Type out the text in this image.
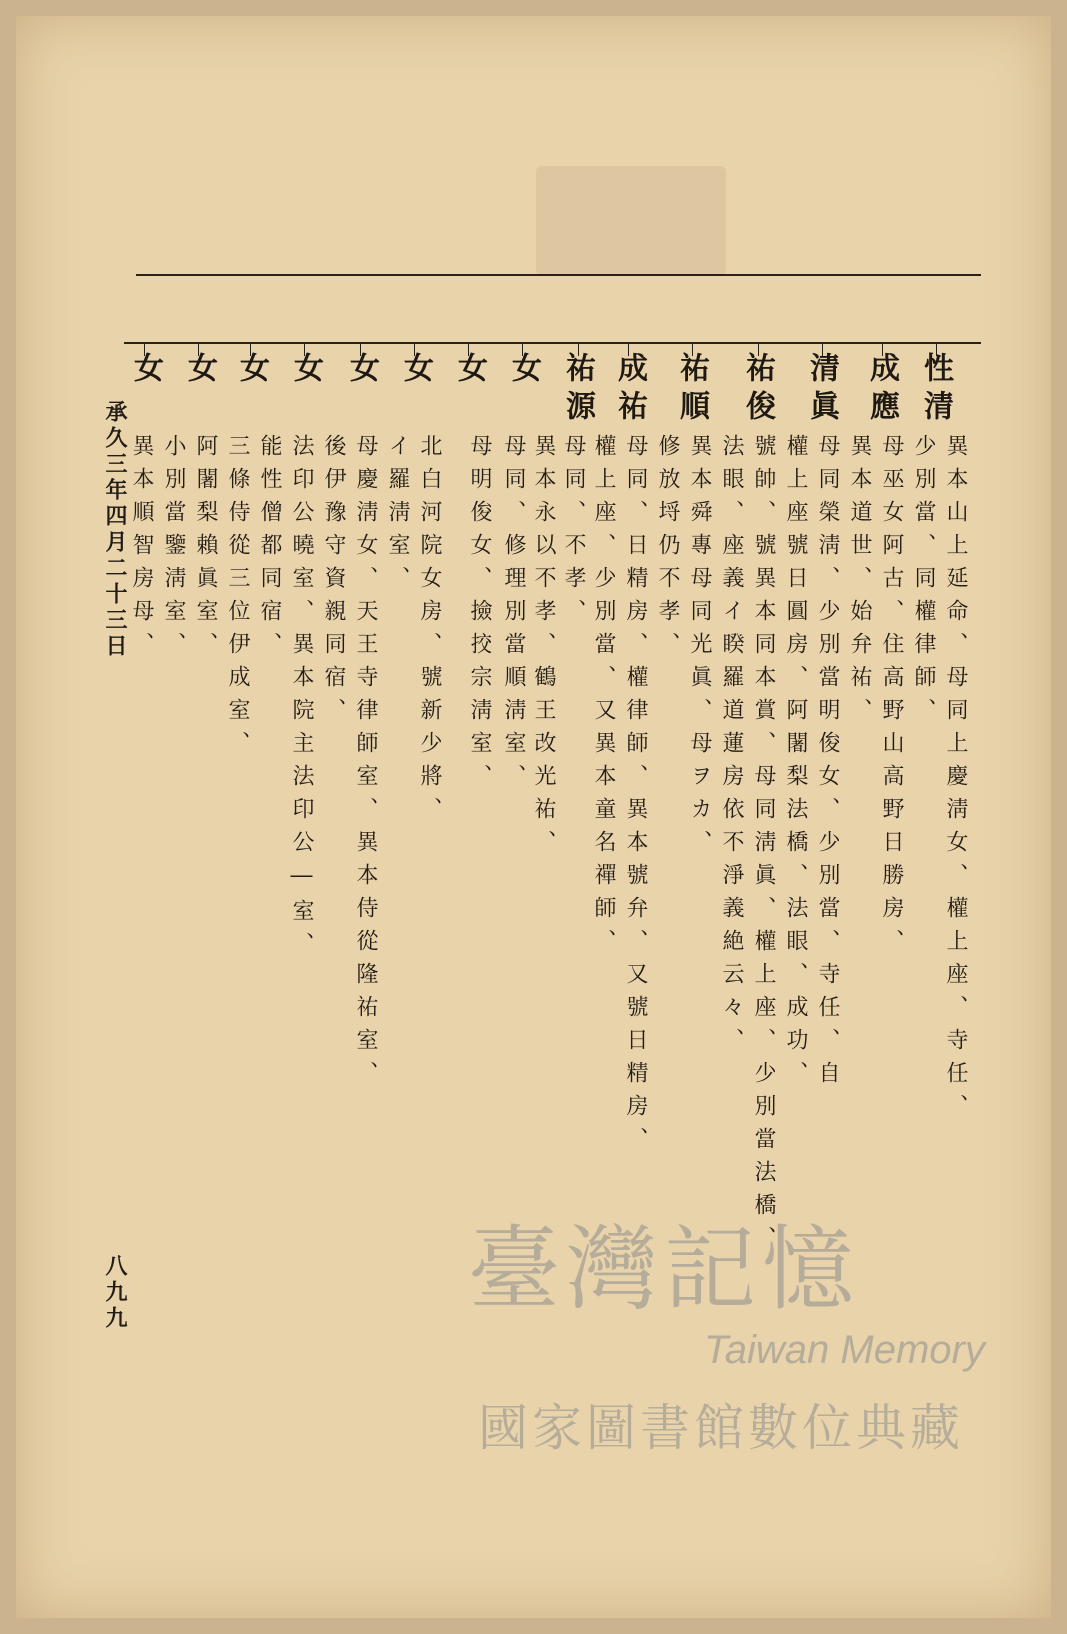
性清
成應
清眞
祐俊
祐順
成祐
祐源
女
女
女
女
女
女
女
女
異本山上延命、母同上慶淸女、權上座、寺任、
少別當、同權律師、
母巫女阿古、住高野山高野日勝房、
異本道世、始弁祐、
母同榮淸、少別當明俊女、少別當、寺任、自
權上座號日圓房、阿闍梨法橋、法眼、成功、
號帥、號異本同本賞、母同淸眞、權上座、少別當法橋、
法眼、座義イ睽羅道蓮房依不淨義絶云々、
異本舜專母同光眞、母ヲカ、
修放埒仍不孝、
母同、日精房、權律師、異本號弁、又號日精房、
權上座、少別當、又異本童名禪師、
母同、不孝、
異本永以不孝、鶴王改光祐、
母同、修理別當順淸室、
母明俊女、撿挍宗淸室、
北白河院女房、號新少將、
イ羅淸室、
母慶淸女、天王寺律師室、異本侍從隆祐室、
後伊豫守資親同宿、
法印公曉室、異本院主法印公―室、
能性僧都同宿、
三條侍從三位伊成室、
阿闍梨賴眞室、
小別當鑒淸室、
異本順智房母、
承久三年四月二十三日
八九九	臺灣記憶
Taiwan Memory
國家圖書館數位典藏
